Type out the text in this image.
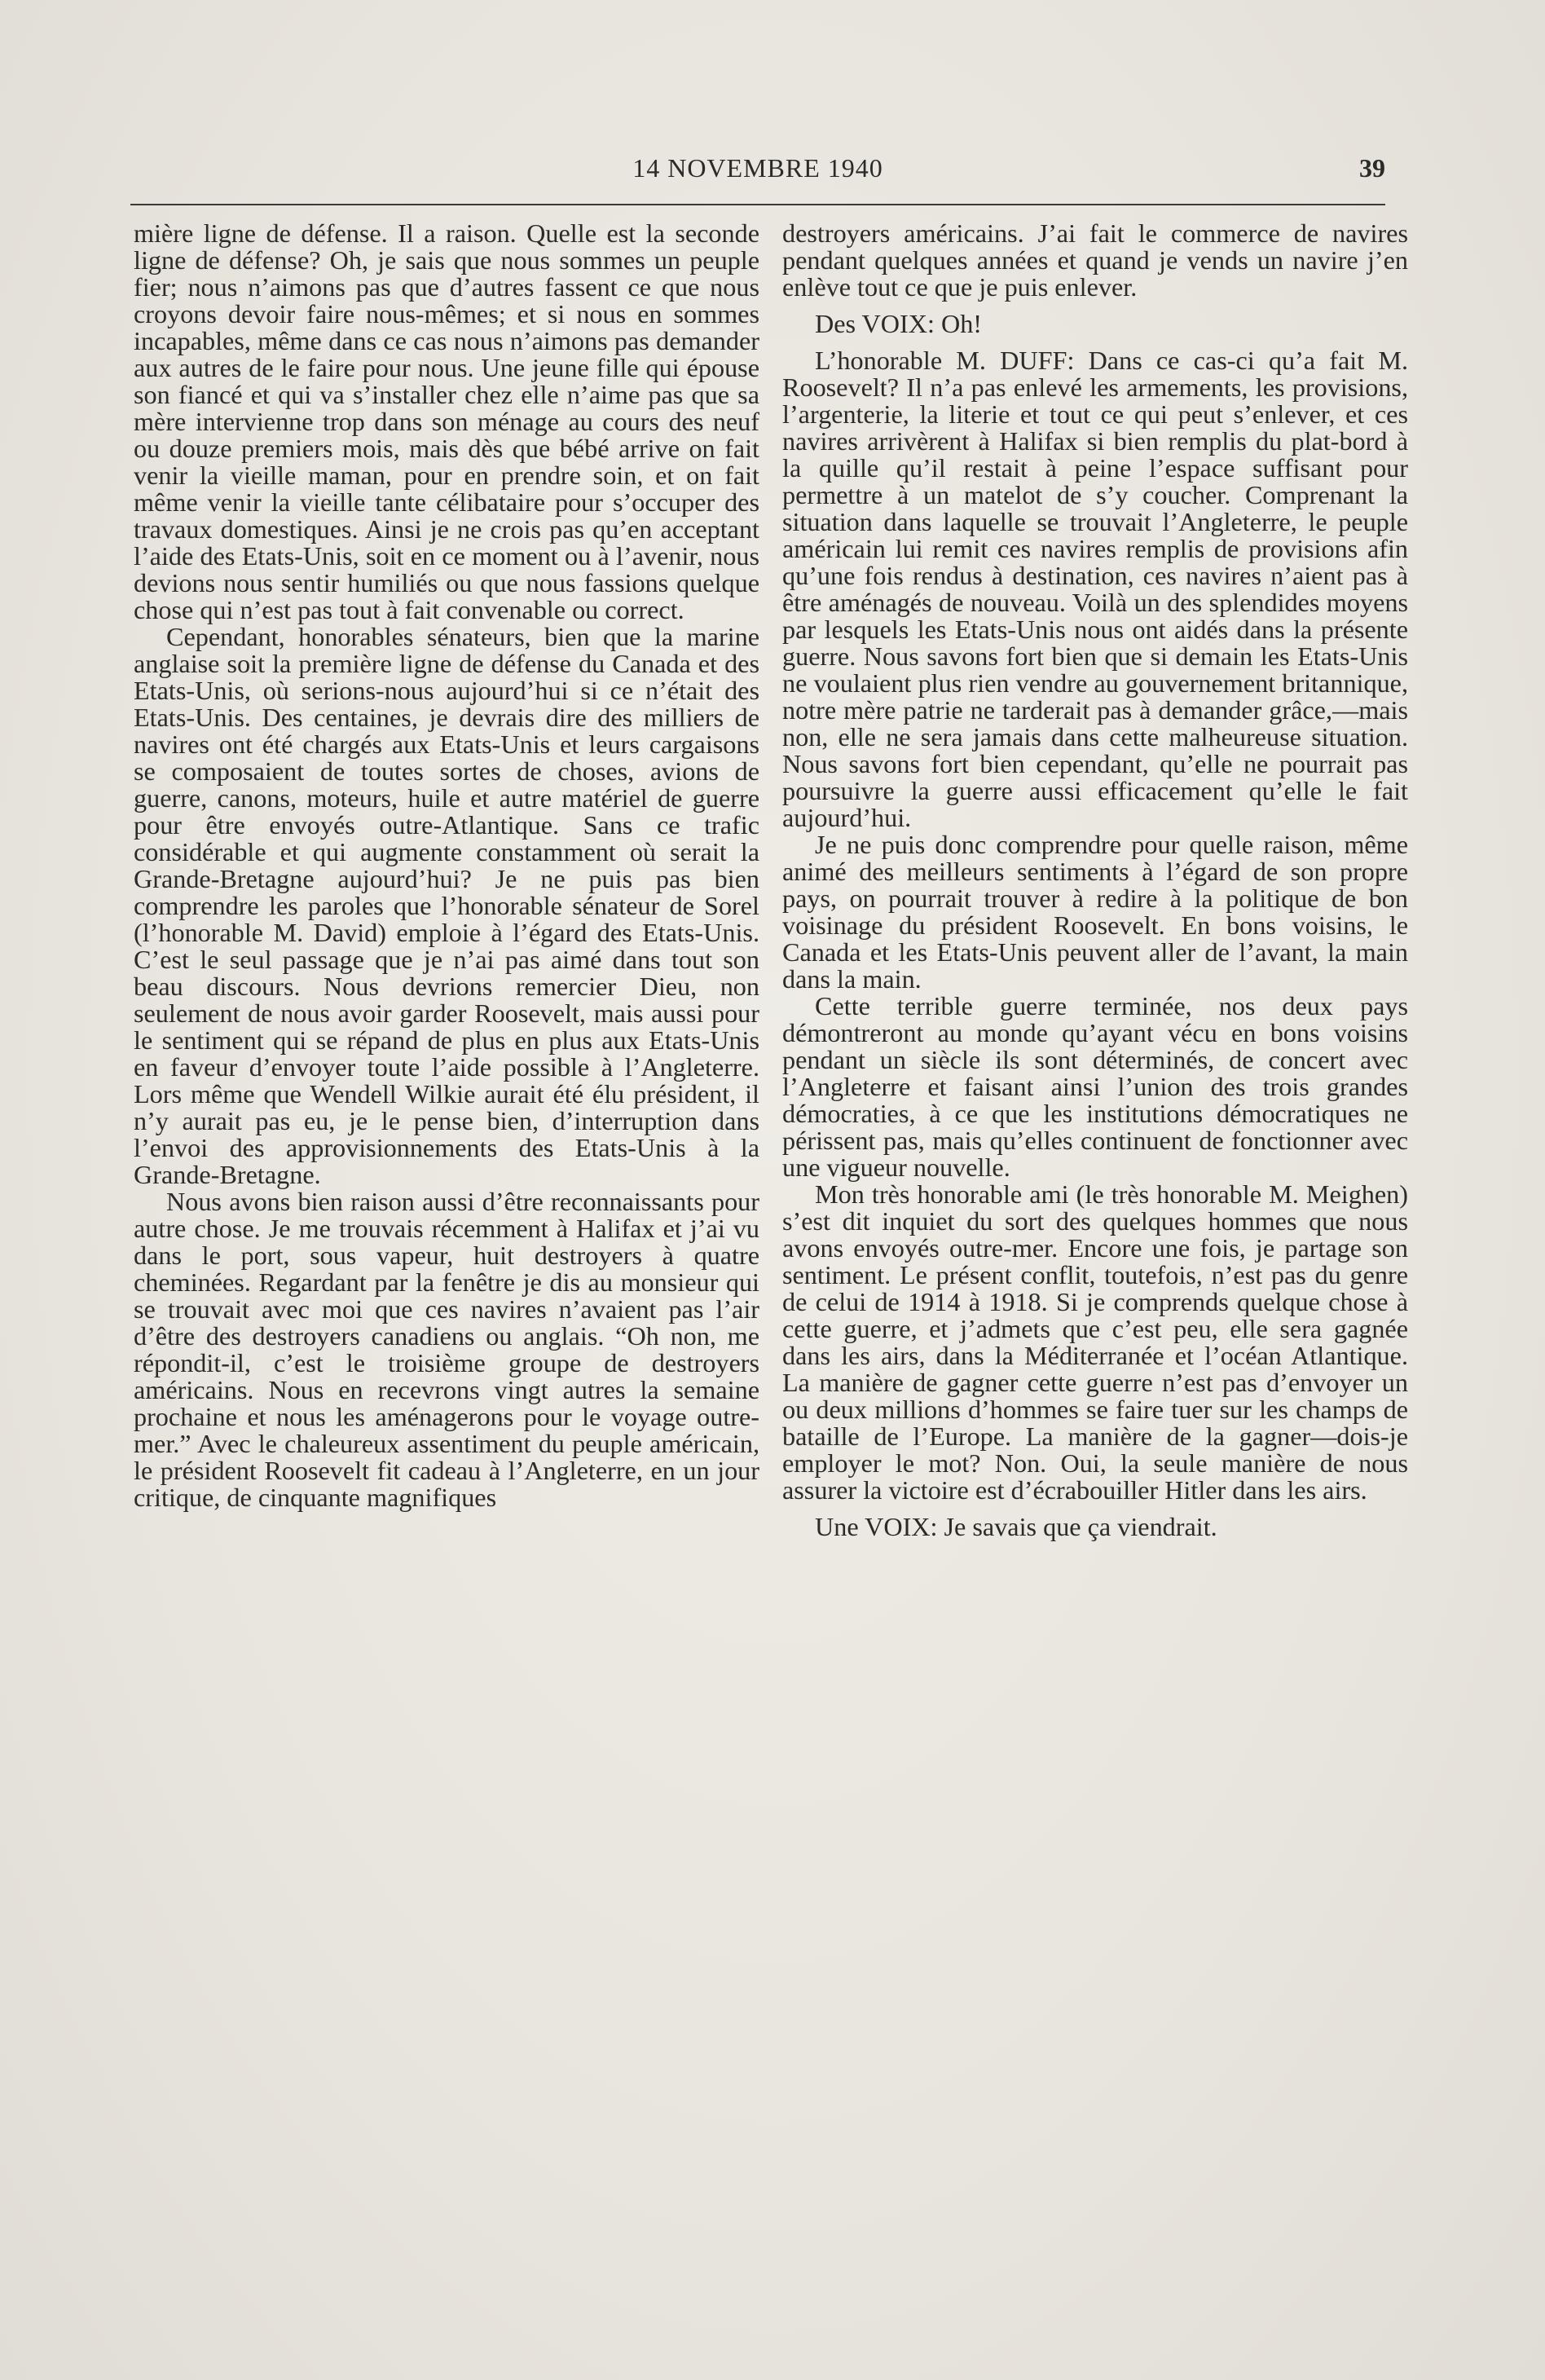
14 NOVEMBRE 1940	39

mière ligne de défense. Il a raison. Quelle est la seconde ligne de défense? Oh, je sais que nous sommes un peuple fier; nous n’aimons pas que d’autres fassent ce que nous croyons devoir faire nous-mêmes; et si nous en sommes incapables, même dans ce cas nous n’aimons pas demander aux autres de le faire pour nous. Une jeune fille qui épouse son fiancé et qui va s’installer chez elle n’aime pas que sa mère intervienne trop dans son ménage au cours des neuf ou douze premiers mois, mais dès que bébé arrive on fait venir la vieille maman, pour en prendre soin, et on fait même venir la vieille tante célibataire pour s’occuper des travaux domestiques. Ainsi je ne crois pas qu’en acceptant l’aide des Etats-Unis, soit en ce moment ou à l’avenir, nous devions nous sentir humiliés ou que nous fassions quelque chose qui n’est pas tout à fait convenable ou correct.

Cependant, honorables sénateurs, bien que la marine anglaise soit la première ligne de défense du Canada et des Etats-Unis, où serions-nous aujourd’hui si ce n’était des Etats-Unis. Des centaines, je devrais dire des milliers de navires ont été chargés aux Etats-Unis et leurs cargaisons se composaient de toutes sortes de choses, avions de guerre, canons, moteurs, huile et autre matériel de guerre pour être envoyés outre-Atlantique. Sans ce trafic considérable et qui augmente constamment où serait la Grande-Bretagne aujourd’hui? Je ne puis pas bien comprendre les paroles que l’honorable sénateur de Sorel (l’honorable M. David) emploie à l’égard des Etats-Unis. C’est le seul passage que je n’ai pas aimé dans tout son beau discours. Nous devrions remercier Dieu, non seulement de nous avoir garder Roosevelt, mais aussi pour le sentiment qui se répand de plus en plus aux Etats-Unis en faveur d’envoyer toute l’aide possible à l’Angleterre. Lors même que Wendell Wilkie aurait été élu président, il n’y aurait pas eu, je le pense bien, d’interruption dans l’envoi des approvisionnements des Etats-Unis à la Grande-Bretagne.

Nous avons bien raison aussi d’être reconnaissants pour autre chose. Je me trouvais récemment à Halifax et j’ai vu dans le port, sous vapeur, huit destroyers à quatre cheminées. Regardant par la fenêtre je dis au monsieur qui se trouvait avec moi que ces navires n’avaient pas l’air d’être des destroyers canadiens ou anglais. “Oh non, me répondit-il, c’est le troisième groupe de destroyers américains. Nous en recevrons vingt autres la semaine prochaine et nous les aménagerons pour le voyage outre-mer.” Avec le chaleureux assentiment du peuple américain, le président Roosevelt fit cadeau à l’Angleterre, en un jour critique, de cinquante magnifiques

destroyers américains. J’ai fait le commerce de navires pendant quelques années et quand je vends un navire j’en enlève tout ce que je puis enlever.

Des VOIX: Oh!

L’honorable M. DUFF: Dans ce cas-ci qu’a fait M. Roosevelt? Il n’a pas enlevé les armements, les provisions, l’argenterie, la literie et tout ce qui peut s’enlever, et ces navires arrivèrent à Halifax si bien remplis du plat-bord à la quille qu’il restait à peine l’espace suffisant pour permettre à un matelot de s’y coucher. Comprenant la situation dans laquelle se trouvait l’Angleterre, le peuple américain lui remit ces navires remplis de provisions afin qu’une fois rendus à destination, ces navires n’aient pas à être aménagés de nouveau. Voilà un des splendides moyens par lesquels les Etats-Unis nous ont aidés dans la présente guerre. Nous savons fort bien que si demain les Etats-Unis ne voulaient plus rien vendre au gouvernement britannique, notre mère patrie ne tarderait pas à demander grâce,—mais non, elle ne sera jamais dans cette malheureuse situation. Nous savons fort bien cependant, qu’elle ne pourrait pas poursuivre la guerre aussi efficacement qu’elle le fait aujourd’hui.

Je ne puis donc comprendre pour quelle raison, même animé des meilleurs sentiments à l’égard de son propre pays, on pourrait trouver à redire à la politique de bon voisinage du président Roosevelt. En bons voisins, le Canada et les Etats-Unis peuvent aller de l’avant, la main dans la main.

Cette terrible guerre terminée, nos deux pays démontreront au monde qu’ayant vécu en bons voisins pendant un siècle ils sont déterminés, de concert avec l’Angleterre et faisant ainsi l’union des trois grandes démocraties, à ce que les institutions démocratiques ne périssent pas, mais qu’elles continuent de fonctionner avec une vigueur nouvelle.

Mon très honorable ami (le très honorable M. Meighen) s’est dit inquiet du sort des quelques hommes que nous avons envoyés outre-mer. Encore une fois, je partage son sentiment. Le présent conflit, toutefois, n’est pas du genre de celui de 1914 à 1918. Si je comprends quelque chose à cette guerre, et j’admets que c’est peu, elle sera gagnée dans les airs, dans la Méditerranée et l’océan Atlantique. La manière de gagner cette guerre n’est pas d’envoyer un ou deux millions d’hommes se faire tuer sur les champs de bataille de l’Europe. La manière de la gagner—dois-je employer le mot? Non. Oui, la seule manière de nous assurer la victoire est d’écrabouiller Hitler dans les airs.

Une VOIX: Je savais que ça viendrait.
